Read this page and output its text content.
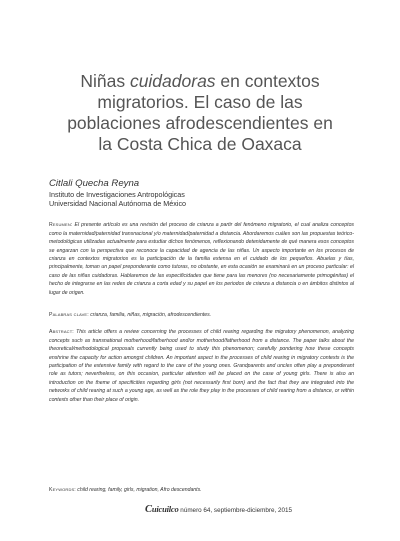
Niñas cuidadoras en contextos migratorios. El caso de las poblaciones afrodescendientes en la Costa Chica de Oaxaca
Citlali Quecha Reyna
Instituto de Investigaciones Antropológicas
Universidad Nacional Autónoma de México

Resumen: El presente artículo es una revisión del proceso de crianza a partir del fenómeno migratorio, el cual analiza conceptos como la maternidad/paternidad transnacional y/o maternidad/paternidad a distancia. Abordaremos cuáles son las propuestas teórico-metodológicas utilizadas actualmente para estudiar dichos fenómenos, reflexionando detenidamente de qué manera esos conceptos se engarzan con la perspectiva que reconoce la capacidad de agencia de las niñas. Un aspecto importante en los procesos de crianza en contextos migratorios es la participación de la familia extensa en el cuidado de los pequeños. Abuelas y tías, principalmente, toman un papel preponderante como tutoras, no obstante, en esta ocasión se examinará en un proceso particular: el caso de las niñas cuidadoras. Hablaremos de las especificidades que tiene para las menores (no necesariamente primogénitas) el hecho de integrarse en las redes de crianza a corta edad y su papel en los periodos de crianza a distancia o en ámbitos distintos al lugar de origen.

Palabras clave: crianza, familia, niñas, migración, afrodescendientes.

Abstract: This article offers a review concerning the processes of child rearing regarding the migratory phenomenon, analyzing concepts such as transnational motherhood/fatherhood and/or motherhood/fatherhood from a distance. The paper talks about the theoretical/methodological proposals currently being used to study this phenomenon; carefully pondering how these concepts enshrine the capacity for action amongst children. An important aspect in the processes of child rearing in migratory contexts is the participation of the extensive family with regard to the care of the young ones. Grandparents and uncles often play a preponderant role as tutors; nevertheless, on this occasion, particular attention will be placed on the case of young girls. There is also an introduction on the theme of specificities regarding girls (not necessarily first born) and the fact that they are integrated into the networks of child rearing at such a young age, as well as the role they play in the processes of child rearing from a distance, or within contexts other than their place of origin.

Keywords: child rearing, family, girls, migration, Afro descendants.

Cuicuilco número 64, septiembre-diciembre, 2015
